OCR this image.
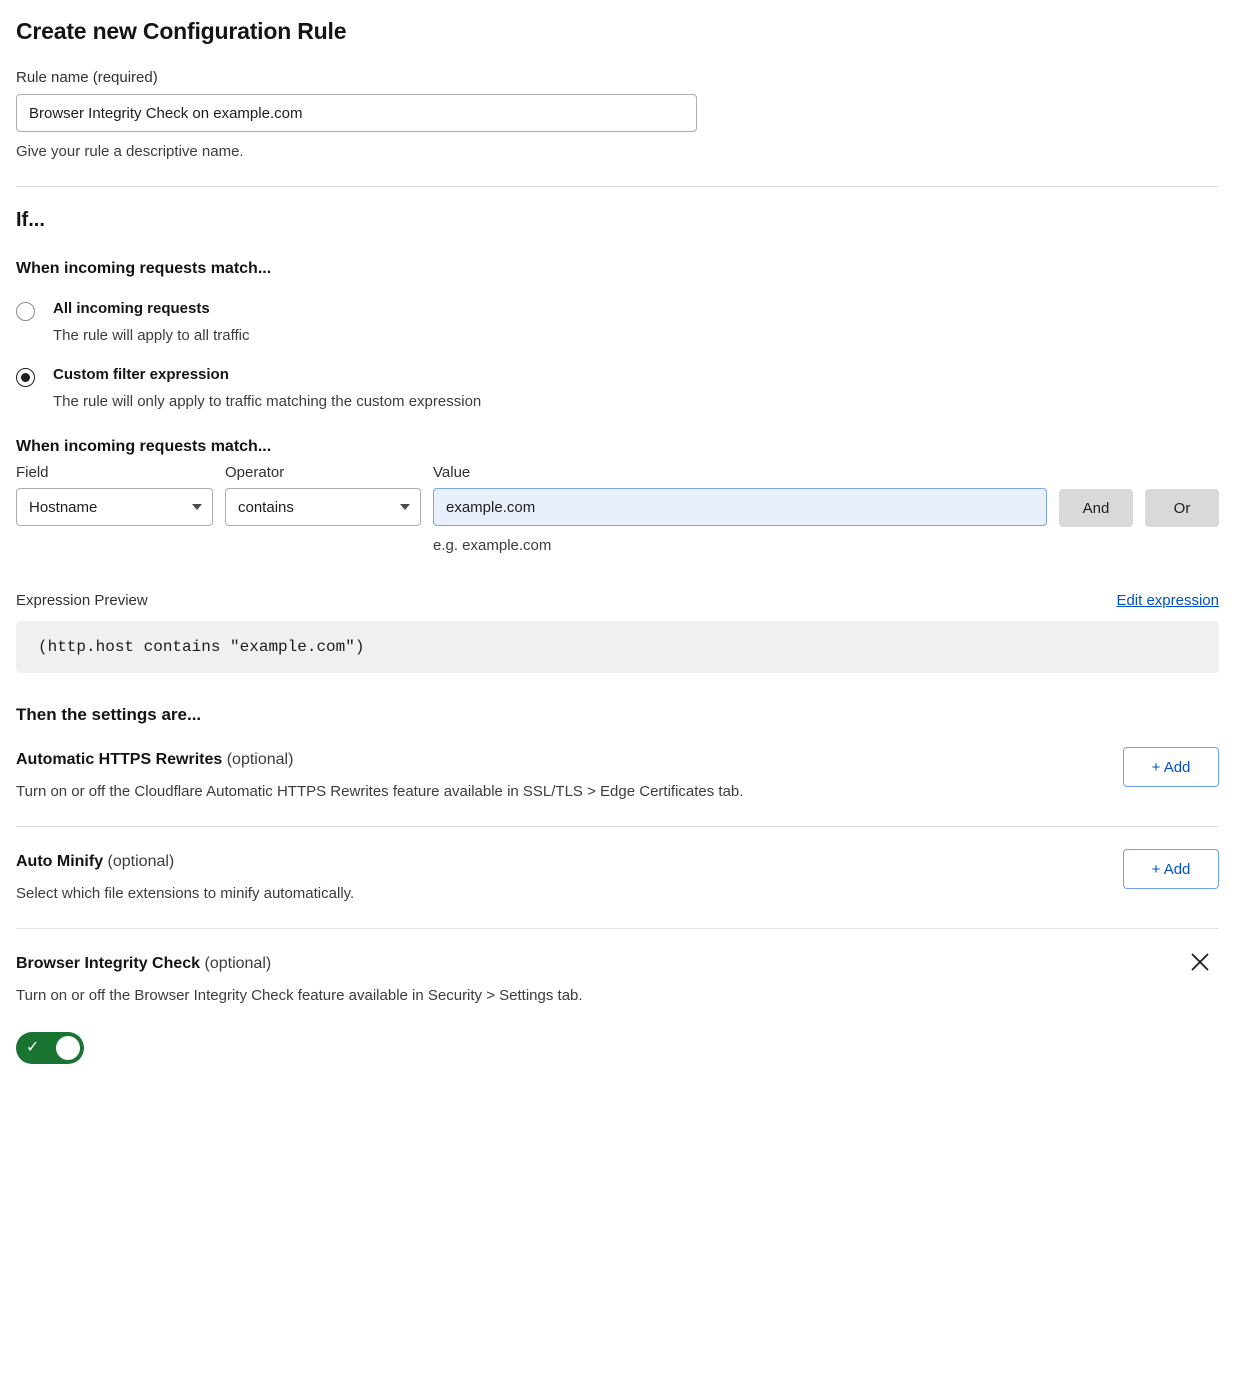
Create new Configuration Rule
Rule name (required)
Browser Integrity Check on example.com
Give your rule a descriptive name.
If...
When incoming requests match...
All incoming requests
The rule will apply to all traffic
Custom filter expression
The rule will only apply to traffic matching the custom expression
When incoming requests match...
Field
Hostname
Operator
contains
Value
example.com
e.g. example.com
And	Or
Expression Preview	Edit expression
(http.host contains "example.com")
Then the settings are...
Automatic HTTPS Rewrites (optional)
Turn on or off the Cloudflare Automatic HTTPS Rewrites feature available in SSL/TLS > Edge Certificates tab.
+ Add
Auto Minify (optional)
Select which file extensions to minify automatically.
+ Add
Browser Integrity Check (optional)
Turn on or off the Browser Integrity Check feature available in Security > Settings tab.
✓
